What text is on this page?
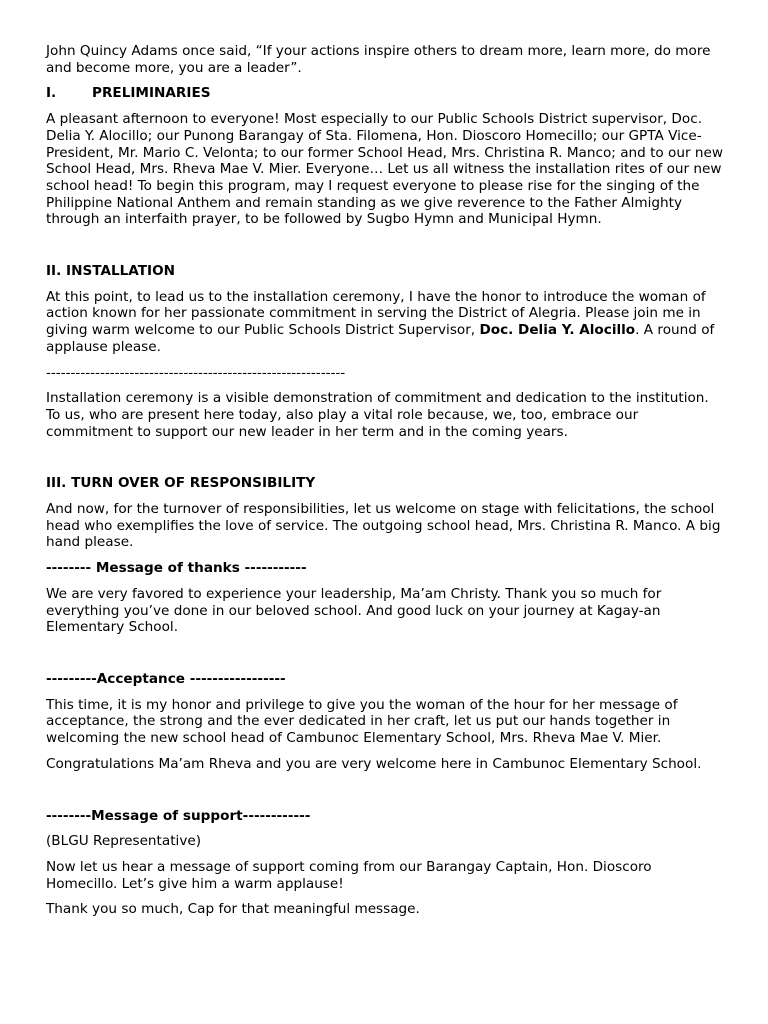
John Quincy Adams once said, “If your actions inspire others to dream more, learn more, do more and become more, you are a leader”.

I.	PRELIMINARIES

A pleasant afternoon to everyone! Most especially to our Public Schools District supervisor, Doc. Delia Y. Alocillo; our Punong Barangay of Sta. Filomena, Hon. Dioscoro Homecillo; our GPTA Vice- President, Mr. Mario C. Velonta; to our former School Head, Mrs. Christina R. Manco; and to our new School Head, Mrs. Rheva Mae V. Mier. Everyone… Let us all witness the installation rites of our new school head! To begin this program, may I request everyone to please rise for the singing of the Philippine National Anthem and remain standing as we give reverence to the Father Almighty through an interfaith prayer, to be followed by Sugbo Hymn and Municipal Hymn.

II. INSTALLATION

At this point, to lead us to the installation ceremony, I have the honor to introduce the woman of action known for her passionate commitment in serving the District of Alegria. Please join me in giving warm welcome to our Public Schools District Supervisor, Doc. Delia Y. Alocillo. A round of applause please.

-------------------------------------------------------------

Installation ceremony is a visible demonstration of commitment and dedication to the institution. To us, who are present here today, also play a vital role because, we, too, embrace our commitment to support our new leader in her term and in the coming years.

III. TURN OVER OF RESPONSIBILITY

And now, for the turnover of responsibilities, let us welcome on stage with felicitations, the school head who exemplifies the love of service. The outgoing school head, Mrs. Christina R. Manco. A big hand please.

-------- Message of thanks -----------

We are very favored to experience your leadership, Ma’am Christy. Thank you so much for everything you’ve done in our beloved school. And good luck on your journey at Kagay-an Elementary School.

---------Acceptance -----------------

This time, it is my honor and privilege to give you the woman of the hour for her message of acceptance, the strong and the ever dedicated in her craft, let us put our hands together in welcoming the new school head of Cambunoc Elementary School, Mrs. Rheva Mae V. Mier.

Congratulations Ma’am Rheva and you are very welcome here in Cambunoc Elementary School.

--------Message of support------------

(BLGU Representative)

Now let us hear a message of support coming from our Barangay Captain, Hon. Dioscoro Homecillo. Let’s give him a warm applause!

Thank you so much, Cap for that meaningful message.
